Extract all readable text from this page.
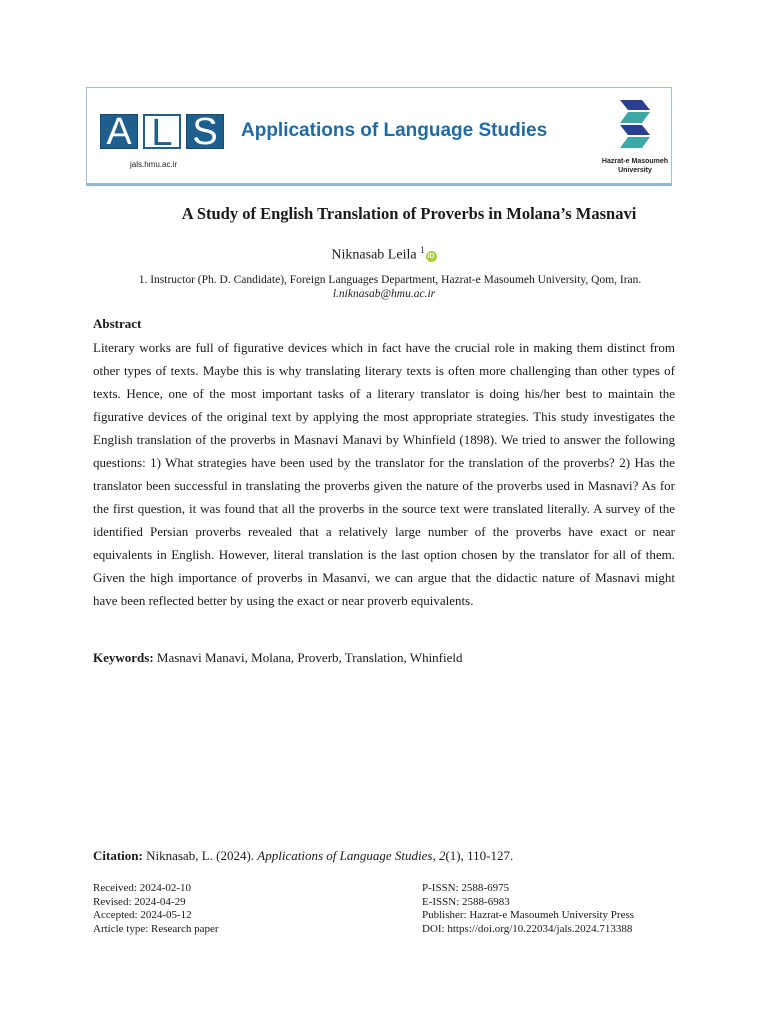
A L S
jals.hmu.ac.ir
Applications of Language Studies
Hazrat-e Masoumeh
University
A Study of English Translation of Proverbs in Molana’s Masnavi
Niknasab Leila $^1$iD
1. Instructor (Ph. D. Candidate), Foreign Languages Department, Hazrat-e Masoumeh University, Qom, Iran.
l.niknasab@hmu.ac.ir
Abstract
Literary works are full of figurative devices which in fact have the crucial role in making them distinct from other types of texts. Maybe this is why translating literary texts is often more challenging than other types of texts. Hence, one of the most important tasks of a literary translator is doing his/her best to maintain the figurative devices of the original text by applying the most appropriate strategies. This study investigates the English translation of the proverbs in Masnavi Manavi by Whinfield (1898). We tried to answer the following questions: 1) What strategies have been used by the translator for the translation of the proverbs? 2) Has the translator been successful in translating the proverbs given the nature of the proverbs used in Masnavi? As for the first question, it was found that all the proverbs in the source text were translated literally. A survey of the identified Persian proverbs revealed that a relatively large number of the proverbs have exact or near equivalents in English. However, literal translation is the last option chosen by the translator for all of them. Given the high importance of proverbs in Masanvi, we can argue that the didactic nature of Masnavi might have been reflected better by using the exact or near proverb equivalents.
Keywords: Masnavi Manavi, Molana, Proverb, Translation, Whinfield
Citation: Niknasab, L. (2024). Applications of Language Studies, 2(1), 110-127.
Received: 2024-02-10
Revised: 2024-04-29
Accepted: 2024-05-12
Article type: Research paper
P-ISSN: 2588-6975
E-ISSN: 2588-6983
Publisher: Hazrat-e Masoumeh University Press
DOI: https://doi.org/10.22034/jals.2024.713388
